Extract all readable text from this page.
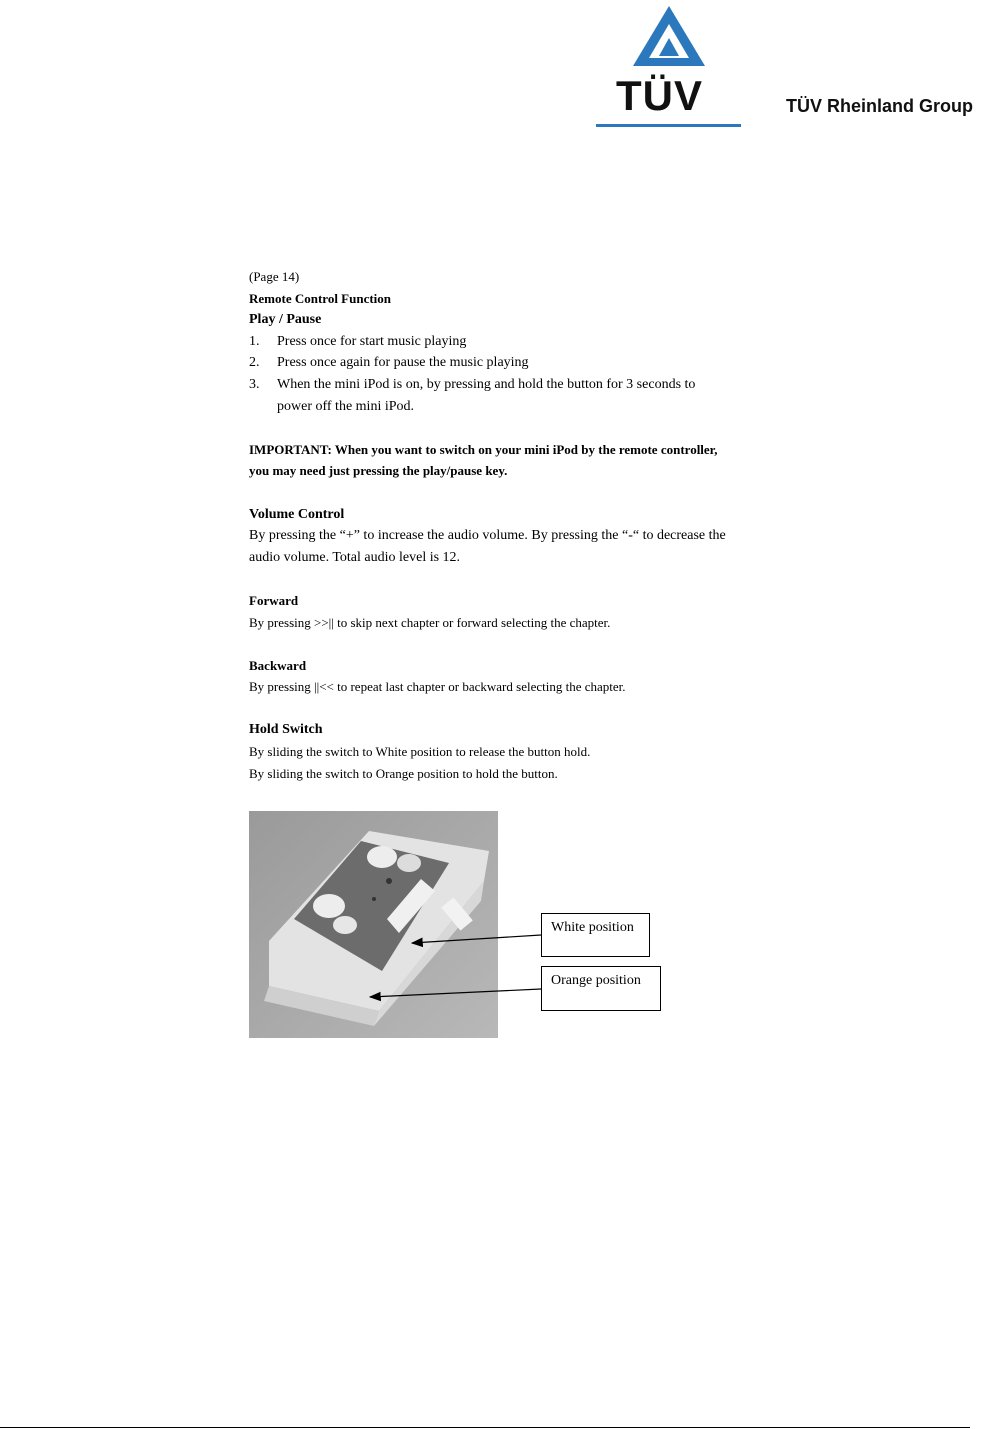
TÜV	TÜV Rheinland Group

(Page 14)

Remote Control Function

Play / Pause

1. Press once for start music playing
2. Press once again for pause the music playing
3. When the mini iPod is on, by pressing and hold the button for 3 seconds to power off the mini iPod.

IMPORTANT: When you want to switch on your mini iPod by the remote controller, you may need just pressing the play/pause key.

Volume Control

By pressing the “+” to increase the audio volume. By pressing the “-“ to decrease the audio volume. Total audio level is 12.

Forward

By pressing >>|| to skip next chapter or forward selecting the chapter.

Backward

By pressing ||<< to repeat last chapter or backward selecting the chapter.

Hold Switch

By sliding the switch to White position to release the button hold.

By sliding the switch to Orange position to hold the button.

White position
Orange position
